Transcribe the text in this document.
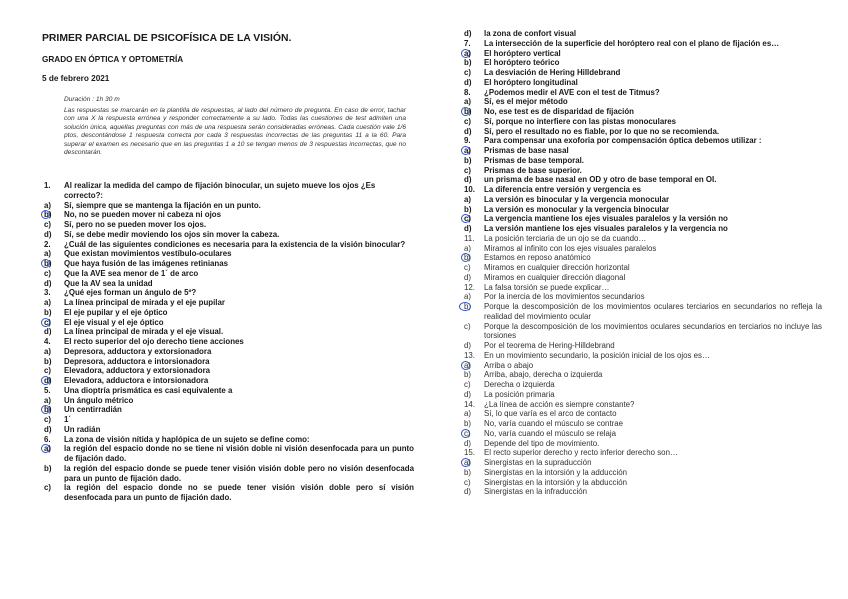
PRIMER PARCIAL DE PSICOFÍSICA DE LA VISIÓN.
GRADO EN ÓPTICA Y OPTOMETRÍA
5 de febrero 2021

Duración : 1h 30 m

Las respuestas se marcarán en la plantilla de respuestas, al lado del número de pregunta. En caso de error, tachar con una X la respuesta errónea y responder correctamente a su lado. Todas las cuestiones de test admiten una solución única, aquellas preguntas con más de una respuesta serán consideradas erróneas. Cada cuestión vale 1/6 ptos, descontándose 1 respuesta correcta por cada 3 respuestas incorrectas de las preguntas 11 a la 60. Para superar el examen es necesario que en las preguntas 1 a 10 se tengan menos de 3 respuestas incorrectas, que no descontarán.

1.	Al realizar la medida del campo de fijación binocular, un sujeto mueve los ojos ¿Es correcto?:
a)	Sí, siempre que se mantenga la fijación en un punto.
b)	No, no se pueden mover ni cabeza ni ojos
c)	Sí, pero no se pueden mover los ojos.
d)	Sí, se debe medir moviendo los ojos sin mover la cabeza.
2.	¿Cuál de las siguientes condiciones es necesaria para la existencia de la visión binocular?
a)	Que existan movimientos vestíbulo-oculares
b)	Que haya fusión de las imágenes retinianas
c)	Que la AVE sea menor de 1´ de arco
d)	Que la AV sea la unidad
3.	¿Qué ejes forman un ángulo de 5º?
a)	La línea principal de mirada y el eje pupilar
b)	El eje pupilar y el eje óptico
c)	El eje visual y el eje óptico
d)	La línea principal de mirada y el eje visual.
4.	El recto superior del ojo derecho tiene acciones
a)	Depresora, adductora y extorsionadora
b)	Depresora, adductora e intorsionadora
c)	Elevadora, adductora y extorsionadora
d)	Elevadora, adductora e intorsionadora
5.	Una dioptría prismática es casi equivalente a
a)	Un ángulo métrico
b)	Un centirradián
c)	1´
d)	Un radián
6.	La zona de visión nítida y haplópica de un sujeto se define como:
a)	la región del espacio donde no se tiene ni visión doble ni visión desenfocada para un punto de fijación dado.
b)	la región del espacio donde se puede tener visión visión doble pero no visión desenfocada para un punto de fijación dado.
c)	la región del espacio donde no se puede tener visión visión doble pero sí visión desenfocada para un punto de fijación dado.
d)	la zona de confort visual
7.	La intersección de la superficie del horóptero real con el plano de fijación es…
a)	El horóptero vertical
b)	El horóptero teórico
c)	La desviación de Hering Hilldebrand
d)	El horóptero longitudinal
8.	¿Podemos medir el AVE con el test de Titmus?
a)	Sí, es el mejor método
b)	No, ese test es de disparidad de fijación
c)	Sí, porque no interfiere con las pistas monoculares
d)	Sí, pero el resultado no es fiable, por lo que no se recomienda.
9.	Para compensar una exoforia por compensación óptica debemos utilizar :
a)	Prismas de base nasal
b)	Prismas de base temporal.
c)	Prismas de base superior.
d)	un prisma de base nasal en OD y otro de base temporal en OI.
10.	La diferencia entre versión y vergencia es
a)	La versión es binocular y la vergencia monocular
b)	La versión es monocular y la vergencia binocular
c)	La vergencia mantiene los ejes visuales paralelos y la versión no
d)	La versión mantiene los ejes visuales paralelos y la vergencia no
11.	La posición terciaria de un ojo se da cuando…
a)	Miramos al infinito con los ejes visuales paralelos
b)	Estamos en reposo anatómico
c)	Miramos en cualquier dirección horizontal
d)	Miramos en cualquier dirección diagonal
12.	La falsa torsión se puede explicar…
a)	Por la inercia de los movimientos secundarios
b)	Porque la descomposición de los movimientos oculares terciarios en secundarios no refleja la realidad del movimiento ocular
c)	Porque la descomposición de los movimientos oculares secundarios en terciarios no incluye las torsiones
d)	Por el teorema de Hering-Hilldebrand
13.	En un movimiento secundario, la posición inicial de los ojos es…
a)	Arriba o abajo
b)	Arriba, abajo, derecha o izquierda
c)	Derecha o izquierda
d)	La posición primaria
14.	¿La línea de acción es siempre constante?
a)	Sí, lo que varía es el arco de contacto
b)	No, varía cuando el músculo se contrae
c)	No, varía cuando el músculo se relaja
d)	Depende del tipo de movimiento.
15.	El recto superior derecho y recto inferior derecho son…
a)	Sinergistas en la supraducción
b)	Sinergistas en la intorsión y la adducción
c)	Sinergistas en la intorsión y la abducción
d)	Sinergistas en la infraducción
